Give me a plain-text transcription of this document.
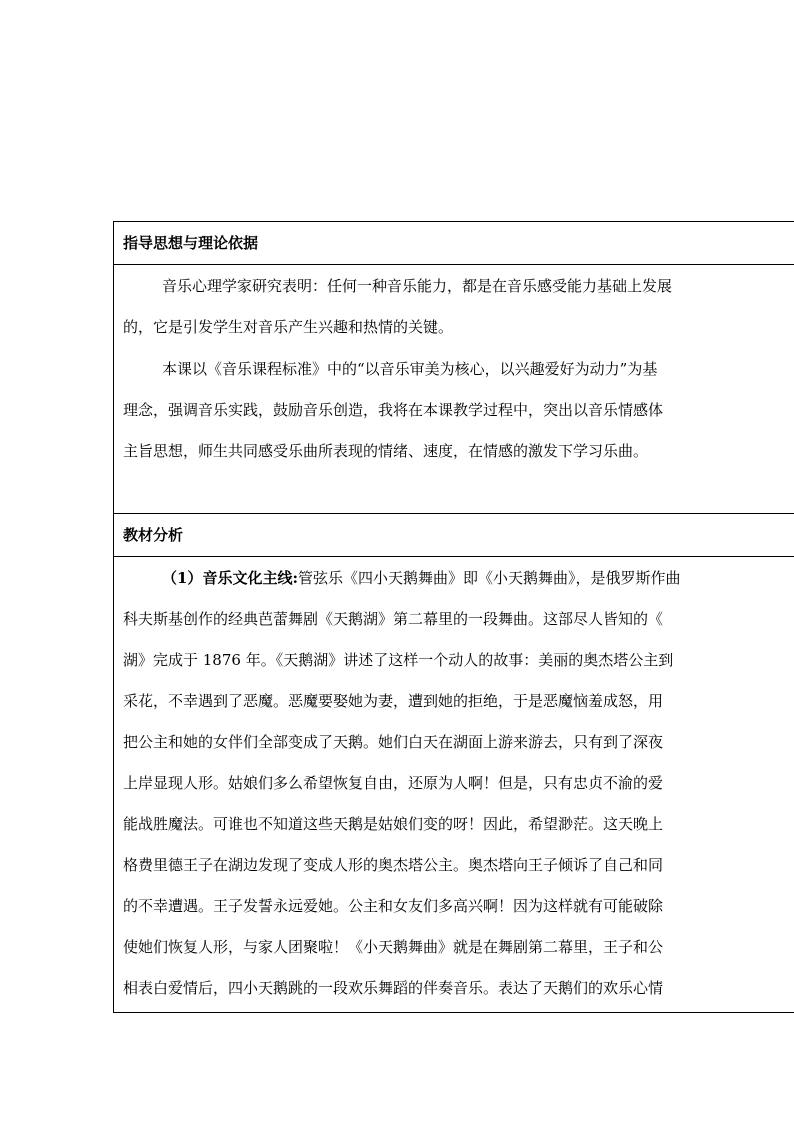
指导思想与理论依据
音乐心理学家研究表明：任何一种音乐能力，都是在音乐感受能力基础上发展
的，它是引发学生对音乐产生兴趣和热情的关键。
本课以《音乐课程标准》中的“以音乐审美为核心，以兴趣爱好为动力”为基
理念，强调音乐实践，鼓励音乐创造，我将在本课教学过程中，突出以音乐情感体
主旨思想，师生共同感受乐曲所表现的情绪、速度，在情感的激发下学习乐曲。
教材分析
（1）音乐文化主线:管弦乐《四小天鹅舞曲》即《小天鹅舞曲》，是俄罗斯作曲
科夫斯基创作的经典芭蕾舞剧《天鹅湖》第二幕里的一段舞曲。这部尽人皆知的《
湖》完成于 1876 年。《天鹅湖》讲述了这样一个动人的故事：美丽的奥杰塔公主到
采花，不幸遇到了恶魔。恶魔要娶她为妻，遭到她的拒绝，于是恶魔恼羞成怒，用
把公主和她的女伴们全部变成了天鹅。她们白天在湖面上游来游去，只有到了深夜
上岸显现人形。姑娘们多么希望恢复自由，还原为人啊！但是，只有忠贞不渝的爱
能战胜魔法。可谁也不知道这些天鹅是姑娘们变的呀！因此，希望渺茫。这天晚上
格费里德王子在湖边发现了变成人形的奥杰塔公主。奥杰塔向王子倾诉了自己和同
的不幸遭遇。王子发誓永远爱她。公主和女友们多高兴啊！因为这样就有可能破除
使她们恢复人形，与家人团聚啦！《小天鹅舞曲》就是在舞剧第二幕里，王子和公
相表白爱情后，四小天鹅跳的一段欢乐舞蹈的伴奏音乐。表达了天鹅们的欢乐心情
